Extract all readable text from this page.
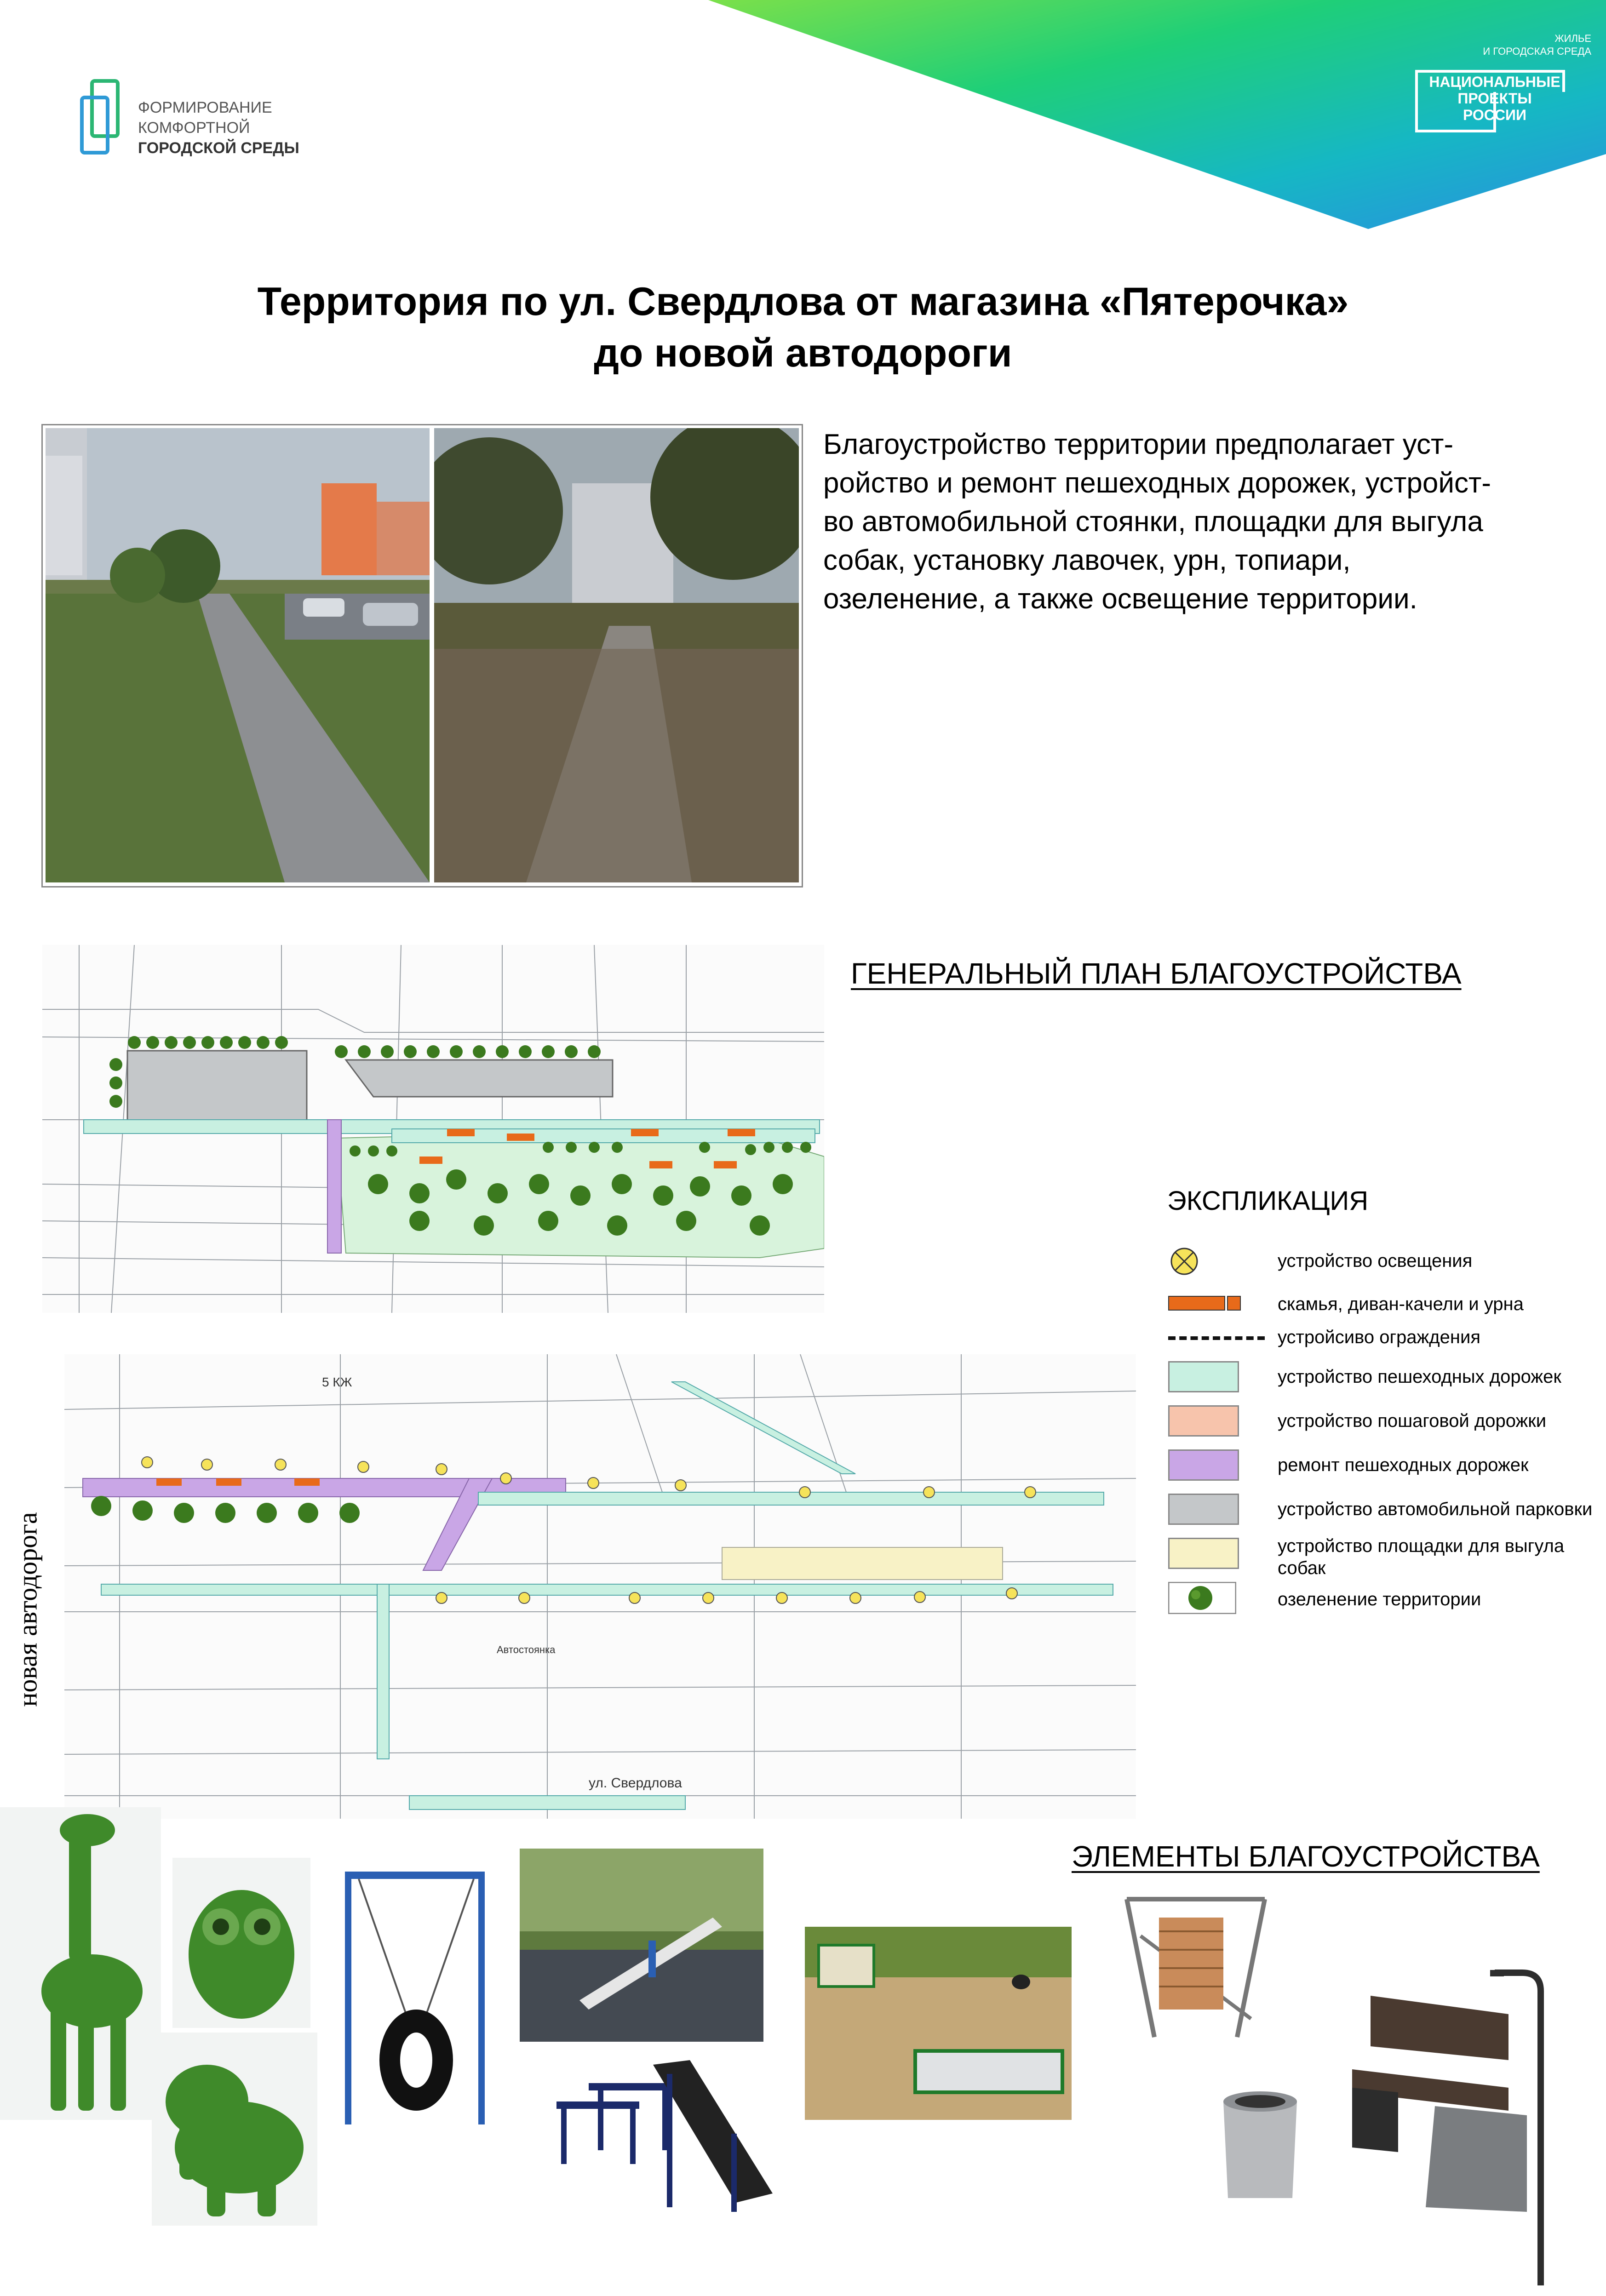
ФОРМИРОВАНИЕ
КОМФОРТНОЙ
ГОРОДСКОЙ СРЕДЫ
ЖИЛЬЕ
И ГОРОДСКАЯ СРЕДА
НАЦИОНАЛЬНЫЕ
ПРОЕКТЫ
РОССИИ
Территория по ул. Свердлова от магазина «Пятерочка»
до новой автодороги
Благоустройство территории предполагает уст-
ройство и ремонт пешеходных дорожек, устройст-
во автомобильной стоянки, площадки для выгула
собак, установку лавочек, урн, топиари,
озеленение, а также освещение территории.
ГЕНЕРАЛЬНЫЙ ПЛАН БЛАГОУСТРОЙСТВА
5 КЖ
Автостоянка
ул. Свердлова
новая автодорога
ЭКСПЛИКАЦИЯ
устройство освещения
скамья, диван-качели и урна
устройсиво ограждения
устройство пешеходных дорожек
устройство пошаговой дорожки
ремонт пешеходных дорожек
устройство автомобильной парковки
устройство площадки для выгула
собак
озеленение территории
ЭЛЕМЕНТЫ БЛАГОУСТРОЙСТВА
